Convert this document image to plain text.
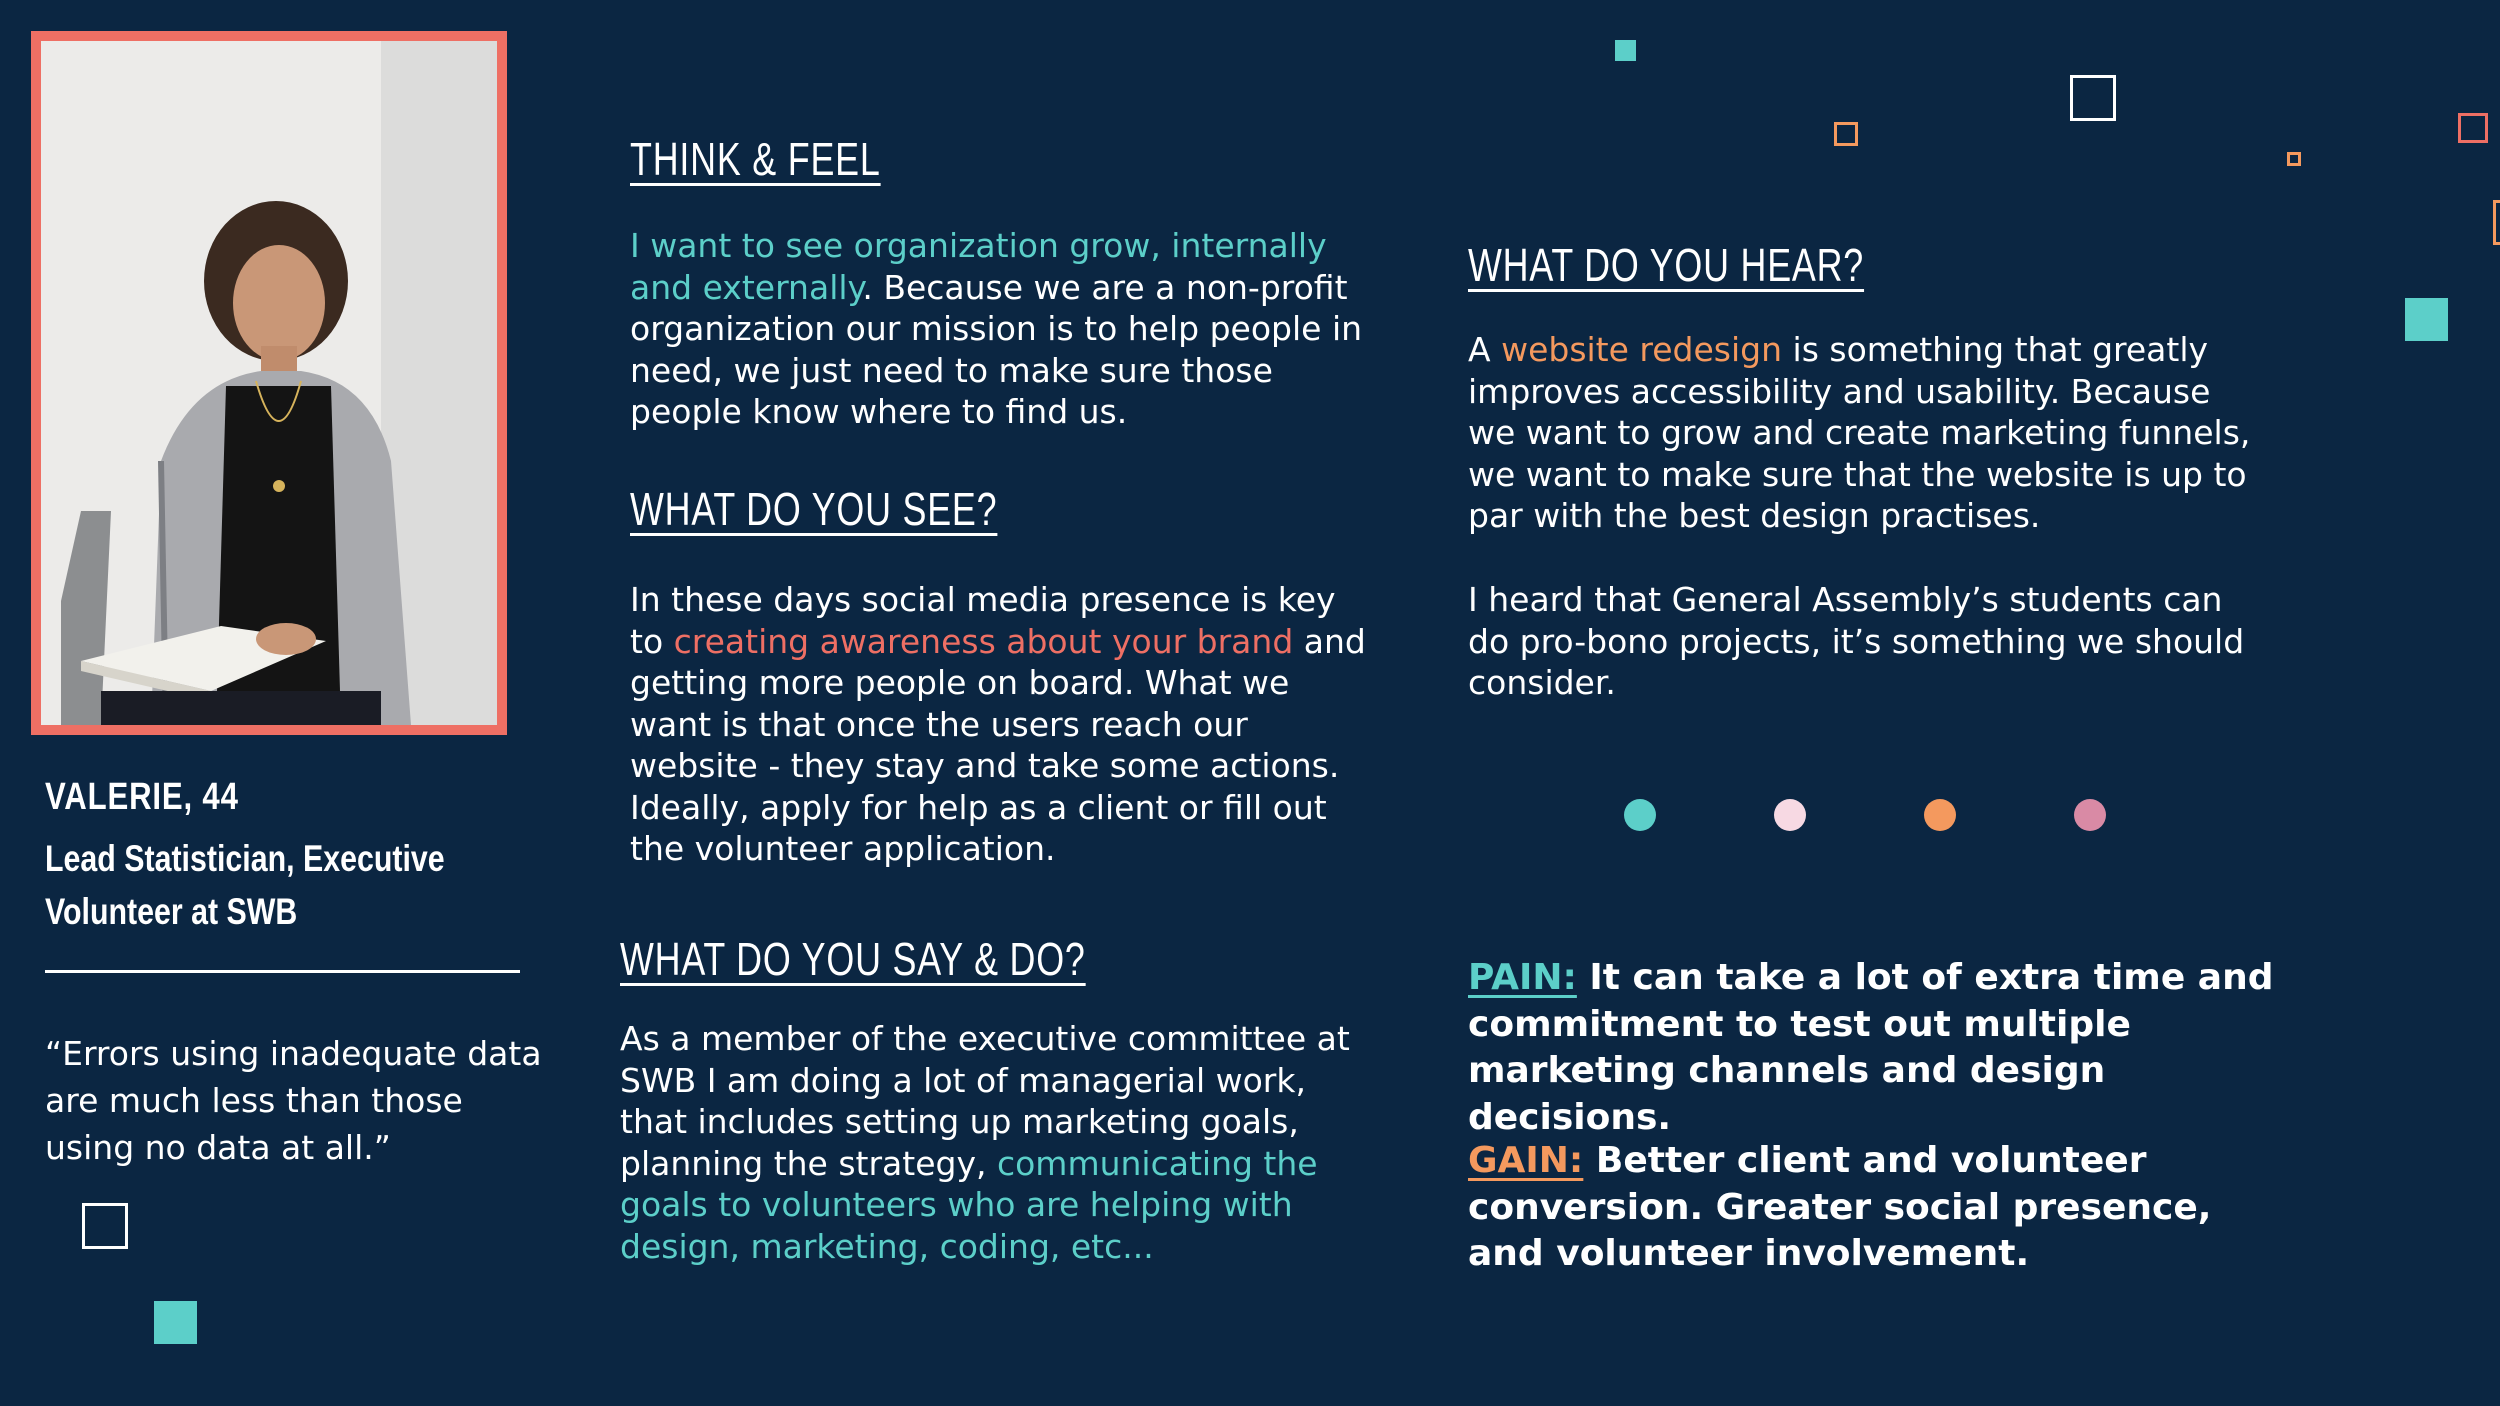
VALERIE, 44
Lead Statistician, Executive Volunteer at SWB
“Errors using inadequate data are much less than those using no data at all.”
THINK & FEEL
I want to see organization grow, internally and externally. Because we are a non-profit organization our mission is to help people in need, we just need to make sure those people know where to find us.
WHAT DO YOU SEE?
In these days social media presence is key to creating awareness about your brand and getting more people on board. What we want is that once the users reach our website - they stay and take some actions. Ideally, apply for help as a client or fill out the volunteer application.
WHAT DO YOU SAY & DO?
As a member of the executive committee at SWB I am doing a lot of managerial work, that includes setting up marketing goals, planning the strategy, communicating the goals to volunteers who are helping with design, marketing, coding, etc...
WHAT DO YOU HEAR?
A website redesign is something that greatly improves accessibility and usability. Because we want to grow and create marketing funnels, we want to make sure that the website is up to par with the best design practises.
I heard that General Assembly’s students can do pro-bono projects, it’s something we should consider.
PAIN: It can take a lot of extra time and commitment to test out multiple marketing channels and design decisions.
GAIN: Better client and volunteer conversion. Greater social presence, and volunteer involvement.
